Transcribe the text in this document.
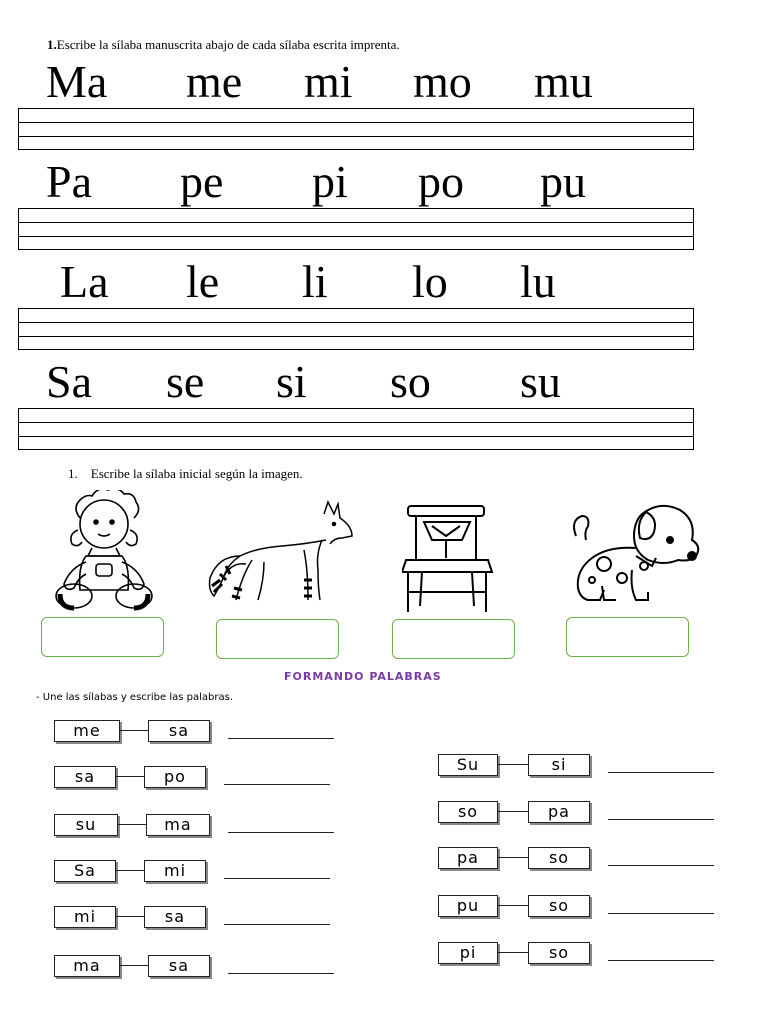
1.Escribe la sílaba manuscrita abajo de cada sílaba escrita imprenta.
Ma me mi mo mu
Pa pe pi po pu
La le li lo lu
Sa se si so su
1. Escribe la sílaba inicial según la imagen.
FORMANDO PALABRAS
- Une las sílabas y escribe las palabras.
me	sa
sa	po
su	ma
Sa	mi
mi	sa
ma	sa
Su	si
so	pa
pa	so
pu	so
pi	so
